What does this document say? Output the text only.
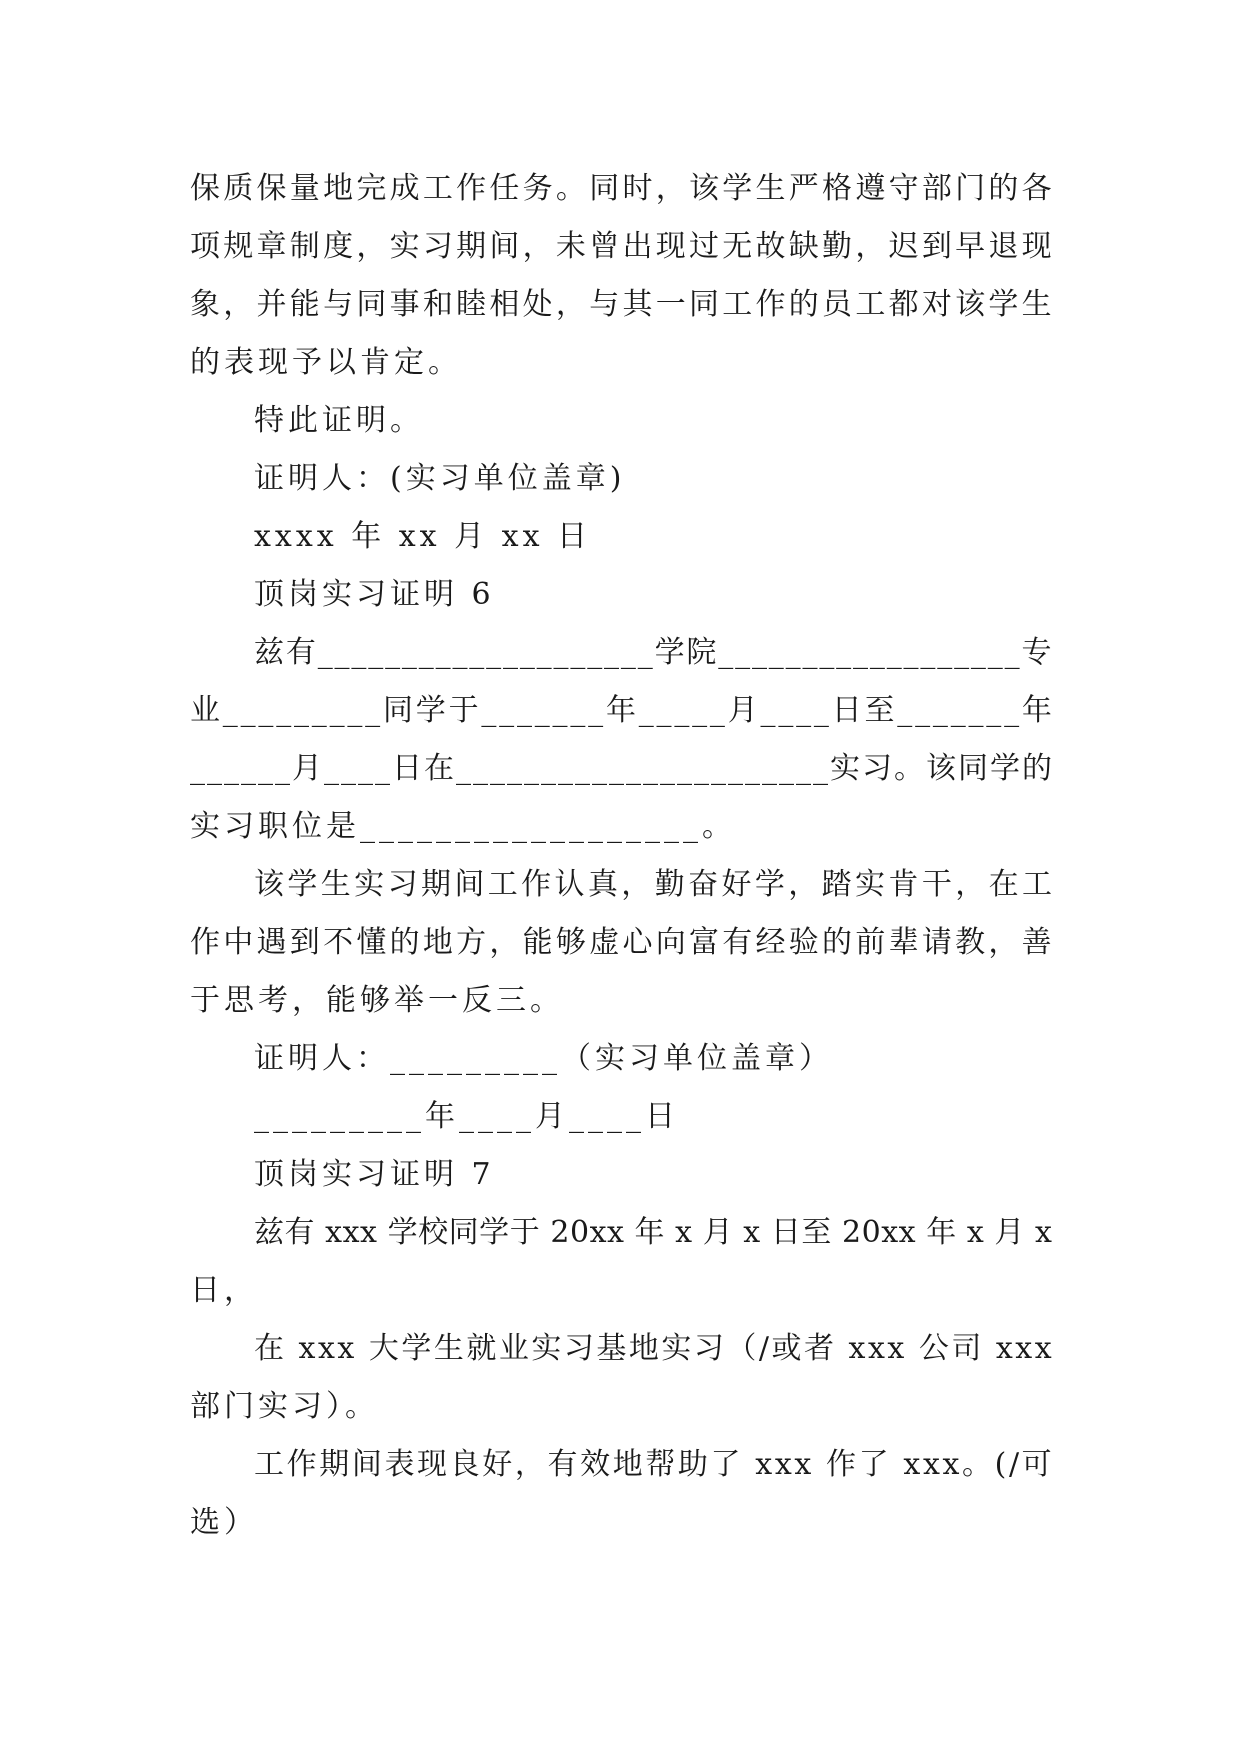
保 质 保 量 地 完 成 工 作 任 务 。 同 时 ， 该 学 生 严 格 遵 守 部 门 的 各
项 规 章 制 度 ， 实 习 期 间 ， 未 曾 出 现 过 无 故 缺 勤 ， 迟 到 早 退 现
象 ， 并 能 与 同 事 和 睦 相 处 ， 与 其 一 同 工 作 的 员 工 都 对 该 学 生
的表现予以肯定。
特此证明。
证明人：(实习单位盖章)
xxxx 年 xx 月 xx 日
顶岗实习证明 6
兹 有 _ _ _ _ _ _ _ _ _ _ _ _ _ _ _ _ _ _ _ _ 学 院 _ _ _ _ _ _ _ _ _ _ _ _ _ _ _ _ _ _ 专
业 _ _ _ _ _ _ _ _ _ 同 学 于 _ _ _ _ _ _ _ 年 _ _ _ _ _ 月 _ _ _ _ 日 至 _ _ _ _ _ _ _ 年
_ _ _ _ _ _ 月 _ _ _ _ 日 在 _ _ _ _ _ _ _ _ _ _ _ _ _ _ _ _ _ _ _ _ _ _ 实 习 。 该 同 学 的
实习职位是__________________。
该 学 生 实 习 期 间 工 作 认 真 ， 勤 奋 好 学 ， 踏 实 肯 干 ， 在 工
作 中 遇 到 不 懂 的 地 方 ， 能 够 虚 心 向 富 有 经 验 的 前 辈 请 教 ， 善
于思考，能够举一反三。
证明人：_________（实习单位盖章）
_________年____月____日
顶岗实习证明 7
兹 有
x x x
学 校 同 学 于
2 0 x x
年
x
月
x
日 至
2 0 x x
年
x
月
x
日，
在
x x x
大 学 生 就 业 实 习 基 地 实 习 （ / 或 者
x x x
公 司
x x x
部门实习）。
工 作 期 间 表 现 良 好 ， 有 效 地 帮 助 了
x x x
作 了
x x x 。 ( / 可
选）
